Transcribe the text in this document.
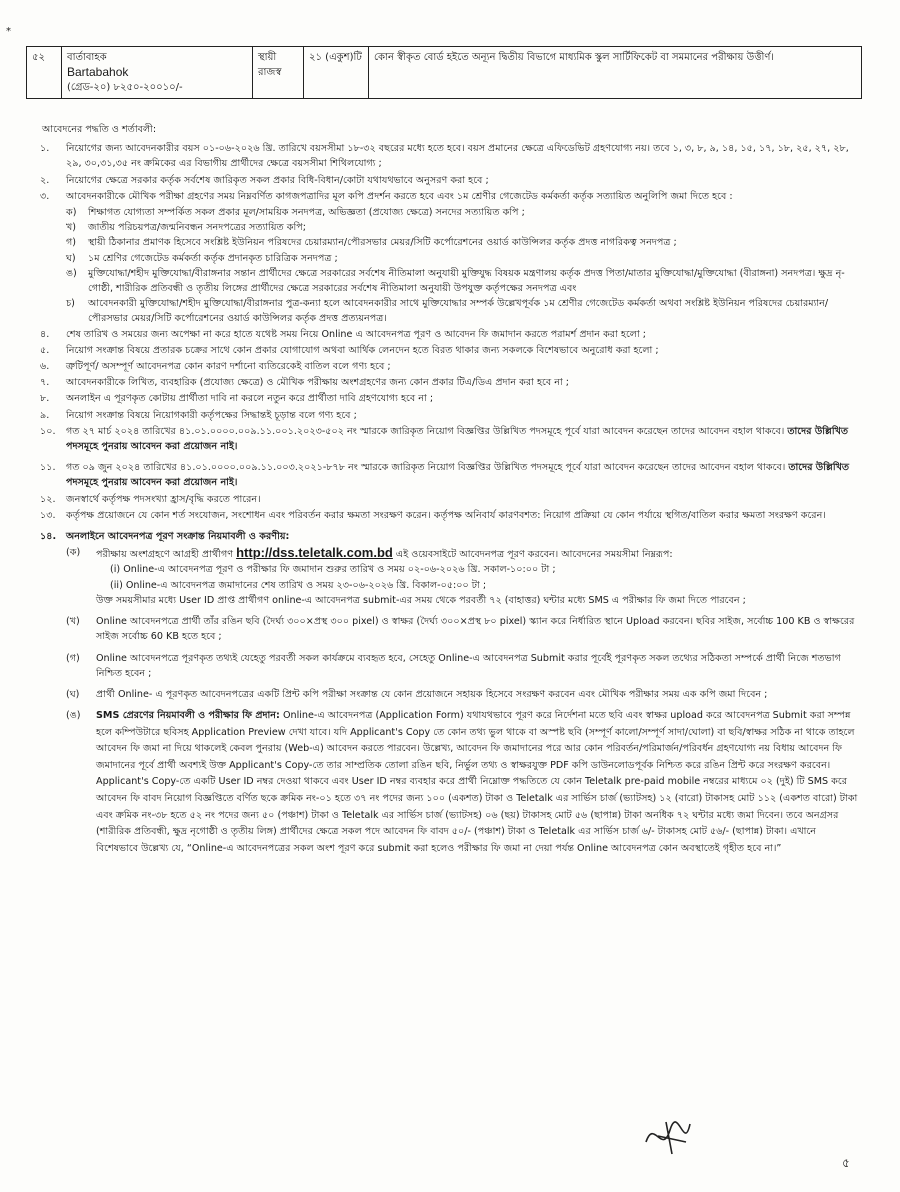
*
৫২	বার্তাবাহক
Bartabahok
(গ্রেড-২০) ৮২৫০-২০০১০/-
	স্থায়ী রাজস্ব	২১ (একুশ)টি	কোন স্বীকৃত বোর্ড হইতে অন্যূন দ্বিতীয় বিভাগে মাধ্যমিক স্কুল সার্টিফিকেট বা সমমানের পরীক্ষায় উত্তীর্ণ।
আবেদনের পদ্ধতি ও শর্তাবলী:
১.	নিয়োগের জন্য আবেদনকারীর বয়স ০১-০৬-২০২৬ খ্রি. তারিখে বয়সসীমা ১৮-৩২ বছরের মধ্যে হতে হবে। বয়স প্রমানের ক্ষেত্রে এফিডেভিট গ্রহণযোগ্য নয়। তবে ১, ৩, ৮, ৯, ১৪, ১৫, ১৭, ১৮, ২৫, ২৭, ২৮, ২৯, ৩০,৩১,৩৫ নং ক্রমিকের এর বিভাগীয় প্রার্থীদের ক্ষেত্রে বয়সসীমা শিথিলযোগ্য ;
২.	নিয়োগের ক্ষেত্রে সরকার কর্তৃক সর্বশেষ জারিকৃত সকল প্রকার বিধি-বিধান/কোটা যথাযথভাবে অনুসরণ করা হবে ;
৩.	আবেদনকারীকে মৌখিক পরীক্ষা গ্রহণের সময় নিম্নবর্ণিত কাগজপত্রাদির মূল কপি প্রদর্শন করতে হবে এবং ১ম শ্রেণীর গেজেটেড কর্মকর্তা কর্তৃক সত্যায়িত অনুলিপি জমা দিতে হবে :
ক)	শিক্ষাগত যোগ্যতা সম্পর্কিত সকল প্রকার মূল/সাময়িক সনদপত্র, অভিজ্ঞতা (প্রযোজ্য ক্ষেত্রে) সনদের সত্যায়িত কপি ;
খ)	জাতীয় পরিচয়পত্র/জন্মনিবন্ধন সনদপত্রের সত্যায়িত কপি;
গ)	স্থায়ী ঠিকানার প্রমাণক হিসেবে সংশ্লিষ্ট ইউনিয়ন পরিষদের চেয়ারম্যান/পৌরসভার মেয়র/সিটি কর্পোরেশনের ওয়ার্ড কাউন্সিলর কর্তৃক প্রদত্ত নাগরিকত্ব সনদপত্র ;
ঘ)	১ম শ্রেণির গেজেটেড কর্মকর্তা কর্তৃক প্রদানকৃত চারিত্রিক সনদপত্র ;
ঙ)	মুক্তিযোদ্ধা/শহীদ মুক্তিযোদ্ধা/বীরাঙ্গনার সন্তান প্রার্থীদের ক্ষেত্রে সরকারের সর্বশেষ নীতিমালা অনুযায়ী মুক্তিযুদ্ধ বিষয়ক মন্ত্রণালয় কর্তৃক প্রদত্ত পিতা/মাতার মুক্তিযোদ্ধা/মুক্তিযোদ্ধা (বীরাঙ্গনা) সনদপত্র। ক্ষুদ্র নৃ-গোষ্ঠী, শারীরিক প্রতিবন্ধী ও তৃতীয় লিঙ্গের প্রার্থীদের ক্ষেত্রে সরকারের সর্বশেষ নীতিমালা অনুযায়ী উপযুক্ত কর্তৃপক্ষের সনদপত্র এবং
চ)	আবেদনকারী মুক্তিযোদ্ধা/শহীদ মুক্তিযোদ্ধা/বীরাঙ্গনার পুত্র-কন্যা হলে আবেদনকারীর সাথে মুক্তিযোদ্ধার সম্পর্ক উল্লেখপূর্বক ১ম শ্রেণীর গেজেটেড কর্মকর্তা অথবা সংশ্লিষ্ট ইউনিয়ন পরিষদের চেয়ারম্যান/পৌরসভার মেয়র/সিটি কর্পোরেশনের ওয়ার্ড কাউন্সিলর কর্তৃক প্রদত্ত প্রত্যয়নপত্র।
৪.	শেষ তারিখ ও সময়ের জন্য অপেক্ষা না করে হাতে যথেষ্ট সময় নিয়ে Online এ আবেদনপত্র পূরণ ও আবেদন ফি জমাদান করতে পরামর্শ প্রদান করা হলো ;
৫.	নিয়োগ সংক্রান্ত বিষয়ে প্রতারক চক্রের সাথে কোন প্রকার যোগাযোগ অথবা আর্থিক লেনদেন হতে বিরত থাকার জন্য সকলকে বিশেষভাবে অনুরোধ করা হলো ;
৬.	ত্রুটিপূর্ণ/ অসম্পূর্ণ আবেদনপত্র কোন কারণ দর্শানো ব্যতিরেকেই বাতিল বলে গণ্য হবে ;
৭.	আবেদনকারীকে লিখিত, ব্যবহারিক (প্রযোজ্য ক্ষেত্রে) ও মৌখিক পরীক্ষায় অংশগ্রহণের জন্য কোন প্রকার টিএ/ডিএ প্রদান করা হবে না ;
৮.	অনলাইন এ পূরণকৃত কোটায় প্রার্থীতা দাবি না করলে নতুন করে প্রার্থীতা দাবি গ্রহণযোগ্য হবে না ;
৯.	নিয়োগ সংক্রান্ত বিষয়ে নিয়োগকারী কর্তৃপক্ষের সিদ্ধান্তই চূড়ান্ত বলে গণ্য হবে ;
১০.	গত ২৭ মার্চ ২০২৪ তারিখের ৪১.০১.০০০০.০০৯.১১.০০১.২০২৩-৫০২ নং স্মারকে জারিকৃত নিয়োগ বিজ্ঞপ্তির উল্লিখিত পদসমূহে পূর্বে যারা আবেদন করেছেন তাদের আবেদন বহাল থাকবে। তাদের উল্লিখিত পদসমূহে পুনরায় আবেদন করা প্রয়োজন নাই।
১১.	গত ০৯ জুন ২০২৪ তারিখের ৪১.০১.০০০০.০০৯.১১.০০৩.২০২১-৮৭৮ নং স্মারকে জারিকৃত নিয়োগ বিজ্ঞপ্তির উল্লিখিত পদসমূহে পূর্বে যারা আবেদন করেছেন তাদের আবেদন বহাল থাকবে। তাদের উল্লিখিত পদসমূহে পুনরায় আবেদন করা প্রয়োজন নাই।
১২.	জনস্বার্থে কর্তৃপক্ষ পদসংখ্যা হ্রাস/বৃদ্ধি করতে পারেন।
১৩.	কর্তৃপক্ষ প্রয়োজনে যে কোন শর্ত সংযোজন, সংশোধন এবং পরিবর্তন করার ক্ষমতা সংরক্ষণ করেন। কর্তৃপক্ষ অনিবার্য কারণবশত: নিয়োগ প্রক্রিয়া যে কোন পর্যায়ে স্থগিত/বাতিল করার ক্ষমতা সংরক্ষণ করেন।
১৪.	অনলাইনে আবেদনপত্র পূরণ সংক্রান্ত নিয়মাবলী ও করণীয়:
(ক)	পরীক্ষায় অংশগ্রহণে আগ্রহী প্রার্থীগণ http://dss.teletalk.com.bd এই ওয়েবসাইটে আবেদনপত্র পূরণ করবেন। আবেদনের সময়সীমা নিম্নরূপ:
(i) Online-এ আবেদনপত্র পূরণ ও পরীক্ষার ফি জমাদান শুরুর তারিখ ও সময় ০২-০৬-২০২৬ খ্রি. সকাল-১০:০০ টা ;
(ii) Online-এ আবেদনপত্র জমাদানের শেষ তারিখ ও সময় ২৩-০৬-২০২৬ খ্রি. বিকাল-০৫:০০ টা ;
উক্ত সময়সীমার মধ্যে User ID প্রাপ্ত প্রার্থীগণ online-এ আবেদনপত্র submit-এর সময় থেকে পরবর্তী ৭২ (বাহাত্তর) ঘন্টার মধ্যে SMS এ পরীক্ষার ফি জমা দিতে পারবেন ;
(খ)	Online আবেদনপত্রে প্রার্থী তাঁর রঙিন ছবি (দৈর্ঘ্য ৩০০×প্রস্থ ৩০০ pixel) ও স্বাক্ষর (দৈর্ঘ্য ৩০০×প্রস্থ ৮০ pixel) স্ক্যান করে নির্ধারিত স্থানে Upload করবেন। ছবির সাইজ, সর্বোচ্চ 100 KB ও স্বাক্ষরের সাইজ সর্বোচ্চ 60 KB হতে হবে ;
(গ)	Online আবেদনপত্রে পূরণকৃত তথ্যই যেহেতু পরবর্তী সকল কার্যক্রমে ব্যবহৃত হবে, সেহেতু Online-এ আবেদনপত্র Submit করার পূর্বেই পূরণকৃত সকল তথ্যের সঠিকতা সম্পর্কে প্রার্থী নিজে শতভাগ নিশ্চিত হবেন ;
(ঘ)	প্রার্থী Online- এ পূরণকৃত আবেদনপত্রের একটি প্রিন্ট কপি পরীক্ষা সংক্রান্ত যে কোন প্রয়োজনে সহায়ক হিসেবে সংরক্ষণ করবেন এবং মৌখিক পরীক্ষার সময় এক কপি জমা দিবেন ;
(ঙ)	SMS প্রেরণের নিয়মাবলী ও পরীক্ষার ফি প্রদান: Online-এ আবেদনপত্র (Application Form) যথাযথভাবে পূরণ করে নির্দেশনা মতে ছবি এবং স্বাক্ষর upload করে আবেদনপত্র Submit করা সম্পন্ন হলে কম্পিউটারে ছবিসহ Application Preview দেখা যাবে। যদি Applicant's Copy তে কোন তথ্য ভুল থাকে বা অস্পষ্ট ছবি (সম্পূর্ণ কালো/সম্পূর্ণ সাদা/ঘোলা) বা ছবি/স্বাক্ষর সঠিক না থাকে তাহলে আবেদন ফি জমা না দিয়ে থাকলেই কেবল পুনরায় (Web-এ) আবেদন করতে পারবেন। উল্লেখ্য, আবেদন ফি জমাদানের পরে আর কোন পরিবর্তন/পরিমার্জন/পরিবর্ধন গ্রহণযোগ্য নয় বিধায় আবেদন ফি জমাদানের পূর্বে প্রার্থী অবশ্যই উক্ত Applicant's Copy-তে তার সাম্প্রতিক তোলা রঙিন ছবি, নির্ভুল তথ্য ও স্বাক্ষরযুক্ত PDF কপি ডাউনলোডপূর্বক নিশ্চিত করে রঙিন প্রিন্ট করে সংরক্ষণ করবেন। Applicant's Copy-তে একটি User ID নম্বর দেওয়া থাকবে এবং User ID নম্বর ব্যবহার করে প্রার্থী নিম্নোক্ত পদ্ধতিতে যে কোন Teletalk pre-paid mobile নম্বরের মাধ্যমে ০২ (দুই) টি SMS করে আবেদন ফি বাবদ নিয়োগ বিজ্ঞপ্তিতে বর্ণিত ছকে ক্রমিক নং-০১ হতে ৩৭ নং পদের জন্য ১০০ (একশত) টাকা ও Teletalk এর সার্ভিস চার্জ (ভ্যাটসহ) ১২ (বারো) টাকাসহ মোট ১১২ (একশত বারো) টাকা এবং ক্রমিক নং-৩৮ হতে ৫২ নং পদের জন্য ৫০ (পঞ্চাশ) টাকা ও Teletalk এর সার্ভিস চার্জ (ভ্যাটসহ) ০৬ (ছয়) টাকাসহ মোট ৫৬ (ছাপান্ন) টাকা অনধিক ৭২ ঘন্টার মধ্যে জমা দিবেন। তবে অনগ্রসর (শারীরিক প্রতিবন্ধী, ক্ষুদ্র নৃগোষ্ঠী ও তৃতীয় লিঙ্গ) প্রার্থীদের ক্ষেত্রে সকল পদে আবেদন ফি বাবদ ৫০/- (পঞ্চাশ) টাকা ও Teletalk এর সার্ভিস চার্জ ৬/- টাকাসহ মোট ৫৬/- (ছাপান্ন) টাকা। এখানে বিশেষভাবে উল্লেখ্য যে, “Online-এ আবেদনপত্রের সকল অংশ পূরণ করে submit করা হলেও পরীক্ষার ফি জমা না দেয়া পর্যন্ত Online আবেদনপত্র কোন অবস্থাতেই গৃহীত হবে না।”
৫
